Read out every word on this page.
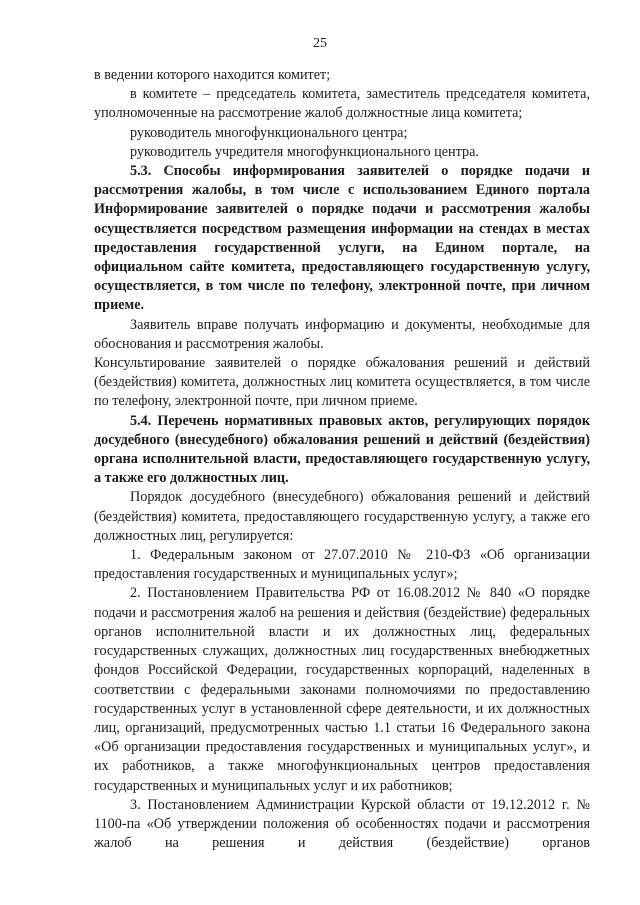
25

в ведении которого находится комитет;

в комитете – председатель комитета, заместитель председателя комитета, уполномоченные на рассмотрение жалоб должностные лица комитета;

руководитель многофункционального центра;

руководитель учредителя многофункционального центра.

5.3. Способы информирования заявителей о порядке подачи и рассмотрения жалобы, в том числе с использованием Единого портала Информирование заявителей о порядке подачи и рассмотрения жалобы осуществляется посредством размещения информации на стендах в местах предоставления государственной услуги, на Едином портале, на официальном сайте комитета, предоставляющего государственную услугу, осуществляется, в том числе по телефону, электронной почте, при личном приеме.

Заявитель вправе получать информацию и документы, необходимые для обоснования и рассмотрения жалобы.

Консультирование заявителей о порядке обжалования решений и действий (бездействия) комитета, должностных лиц комитета осуществляется, в том числе по телефону, электронной почте, при личном приеме.

5.4. Перечень нормативных правовых актов, регулирующих порядок досудебного (внесудебного) обжалования решений и действий (бездействия) органа исполнительной власти, предоставляющего государственную услугу, а также его должностных лиц.

Порядок досудебного (внесудебного) обжалования решений и действий (бездействия) комитета, предоставляющего государственную услугу, а также его должностных лиц, регулируется:

1. Федеральным законом от 27.07.2010 № 210-ФЗ «Об организации предоставления государственных и муниципальных услуг»;

2. Постановлением Правительства РФ от 16.08.2012 № 840 «О порядке подачи и рассмотрения жалоб на решения и действия (бездействие) федеральных органов исполнительной власти и их должностных лиц, федеральных государственных служащих, должностных лиц государственных внебюджетных фондов Российской Федерации, государственных корпораций, наделенных в соответствии с федеральными законами полномочиями по предоставлению государственных услуг в установленной сфере деятельности, и их должностных лиц, организаций, предусмотренных частью 1.1 статьи 16 Федерального закона «Об организации предоставления государственных и муниципальных услуг», и их работников, а также многофункциональных центров предоставления государственных и муниципальных услуг и их работников;

3. Постановлением Администрации Курской области от 19.12.2012 г. № 1100-па «Об утверждении положения об особенностях подачи и рассмотрения жалоб на решения и действия (бездействие) органов
